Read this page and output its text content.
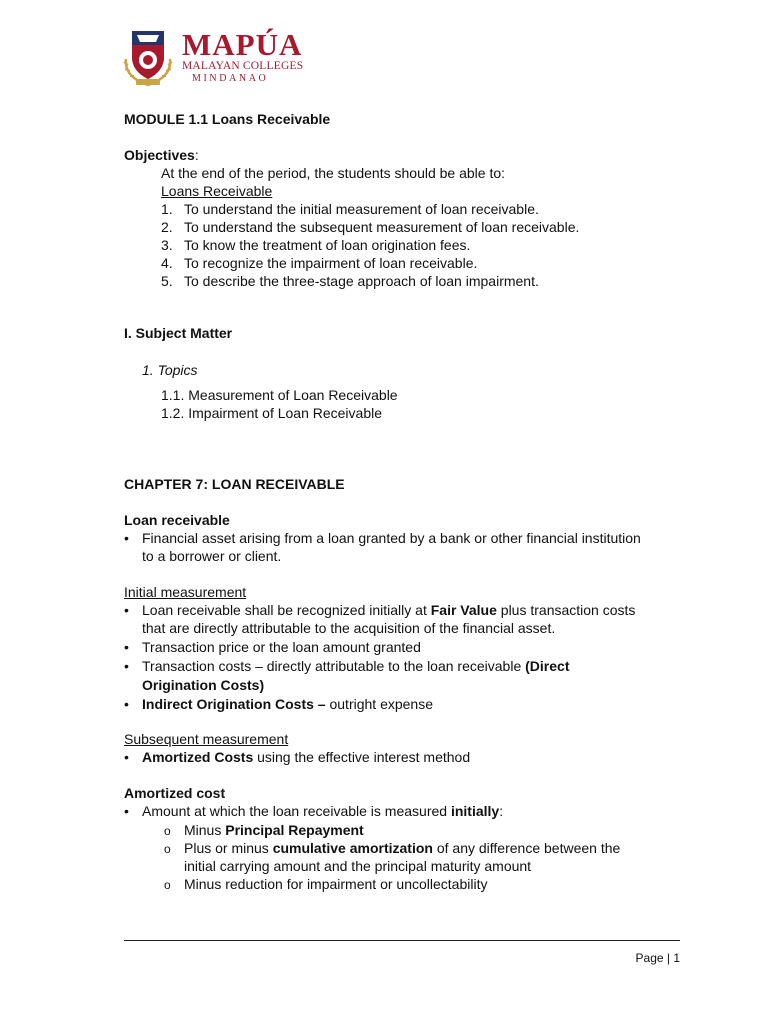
MAPÚA
MALAYAN COLLEGES
MINDANAO
MODULE 1.1 Loans Receivable
Objectives:
At the end of the period, the students should be able to:
Loans Receivable
1. To understand the initial measurement of loan receivable.
2. To understand the subsequent measurement of loan receivable.
3. To know the treatment of loan origination fees.
4. To recognize the impairment of loan receivable.
5. To describe the three-stage approach of loan impairment.
I. Subject Matter
1. Topics
1.1. Measurement of Loan Receivable
1.2. Impairment of Loan Receivable
CHAPTER 7: LOAN RECEIVABLE
Loan receivable
• Financial asset arising from a loan granted by a bank or other financial institution
to a borrower or client.
Initial measurement
• Loan receivable shall be recognized initially at Fair Value plus transaction costs
that are directly attributable to the acquisition of the financial asset.
• Transaction price or the loan amount granted
• Transaction costs – directly attributable to the loan receivable (Direct
Origination Costs)
• Indirect Origination Costs – outright expense
Subsequent measurement
• Amortized Costs using the effective interest method
Amortized cost
• Amount at which the loan receivable is measured initially:
o Minus Principal Repayment
o Plus or minus cumulative amortization of any difference between the
initial carrying amount and the principal maturity amount
o Minus reduction for impairment or uncollectability
Page | 1
